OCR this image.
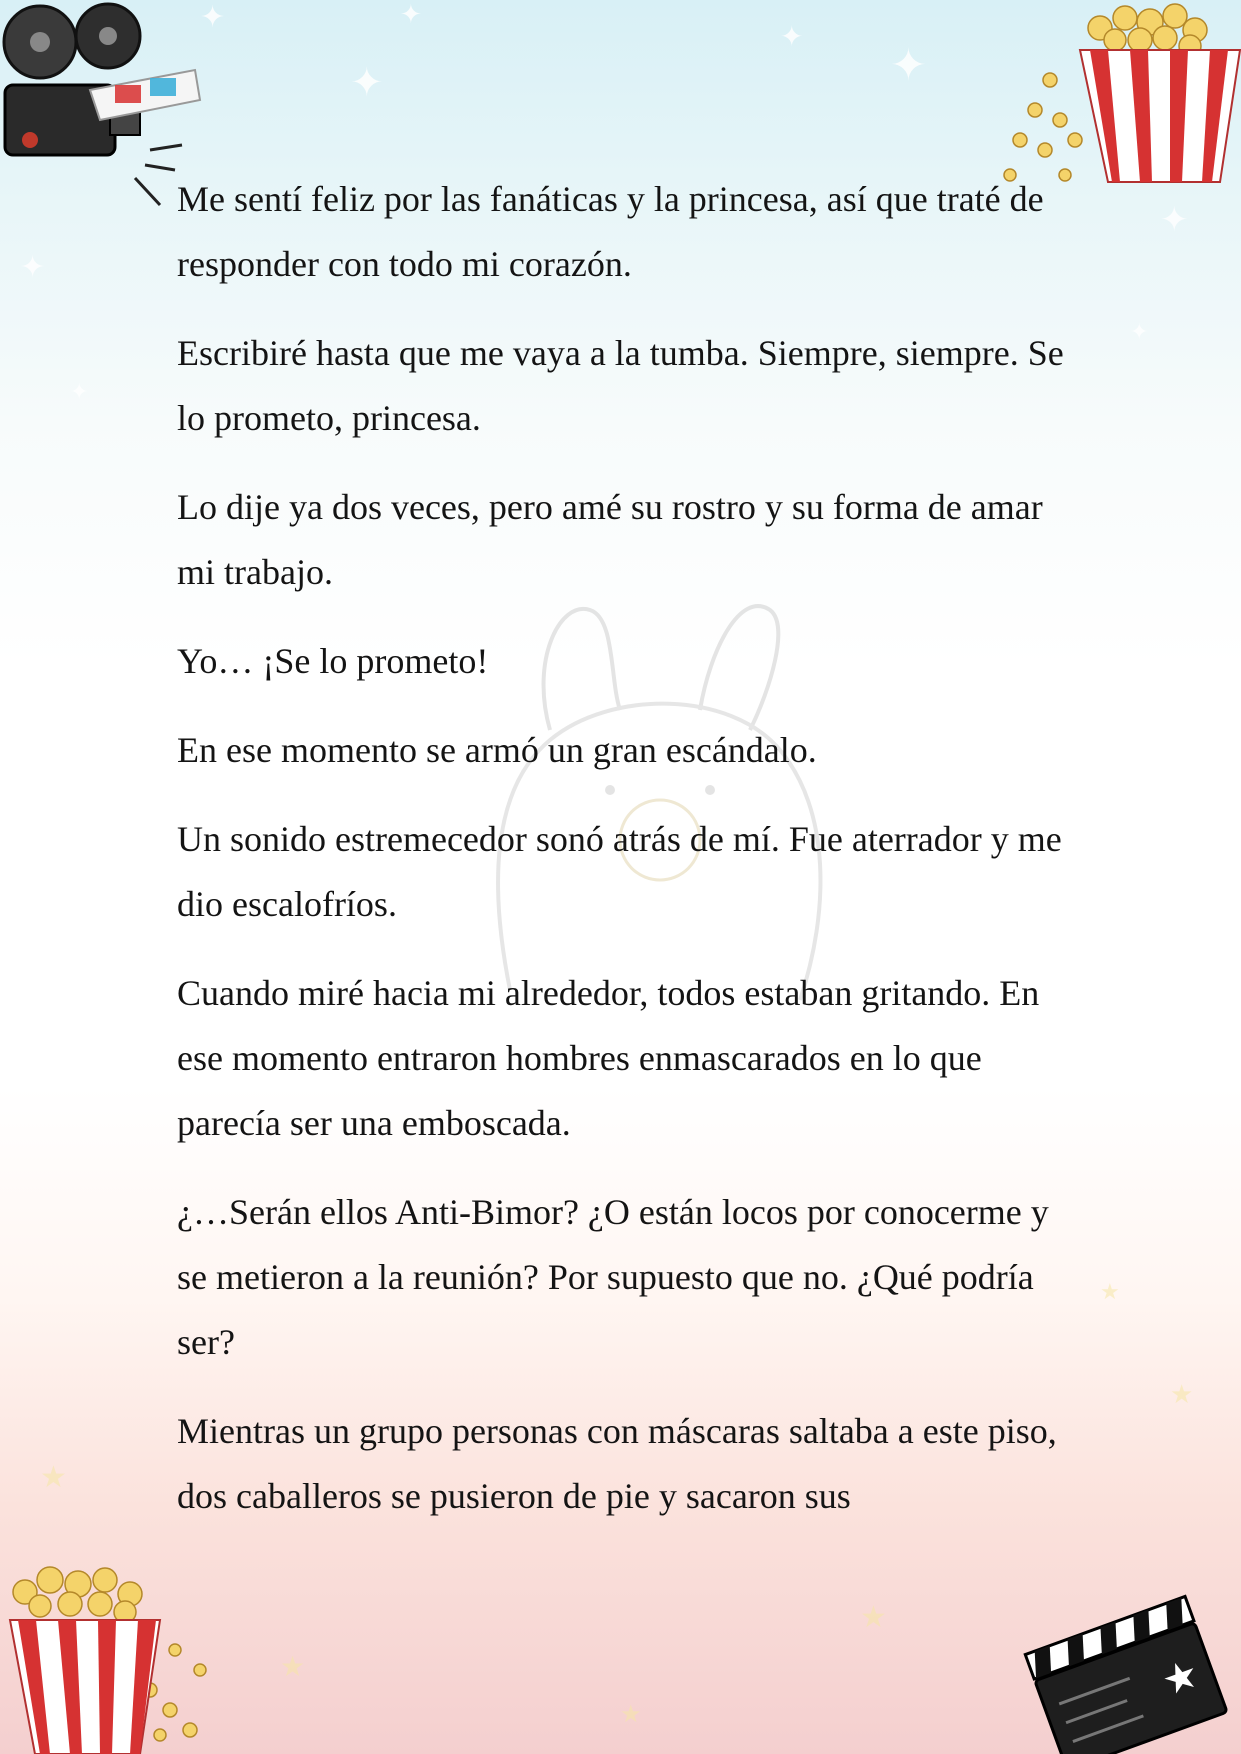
✦
✦
✦
✦
✦
✦
✦
✦
✦
★
★
★
★
★
★
★

Me sentí feliz por las fanáticas y la princesa, así que traté de responder con todo mi corazón.

Escribiré hasta que me vaya a la tumba. Siempre, siempre. Se lo prometo, princesa.

Lo dije ya dos veces, pero amé su rostro y su forma de amar mi trabajo.

Yo… ¡Se lo prometo!

En ese momento se armó un gran escándalo.

Un sonido estremecedor sonó atrás de mí. Fue aterrador y me dio escalofríos.

Cuando miré hacia mi alrededor, todos estaban gritando. En ese momento entraron hombres enmascarados en lo que parecía ser una emboscada.

¿…Serán ellos Anti-Bimor? ¿O están locos por conocerme y se metieron a la reunión? Por supuesto que no. ¿Qué podría ser?

Mientras un grupo personas con máscaras saltaba a este piso, dos caballeros se pusieron de pie y sacaron sus
